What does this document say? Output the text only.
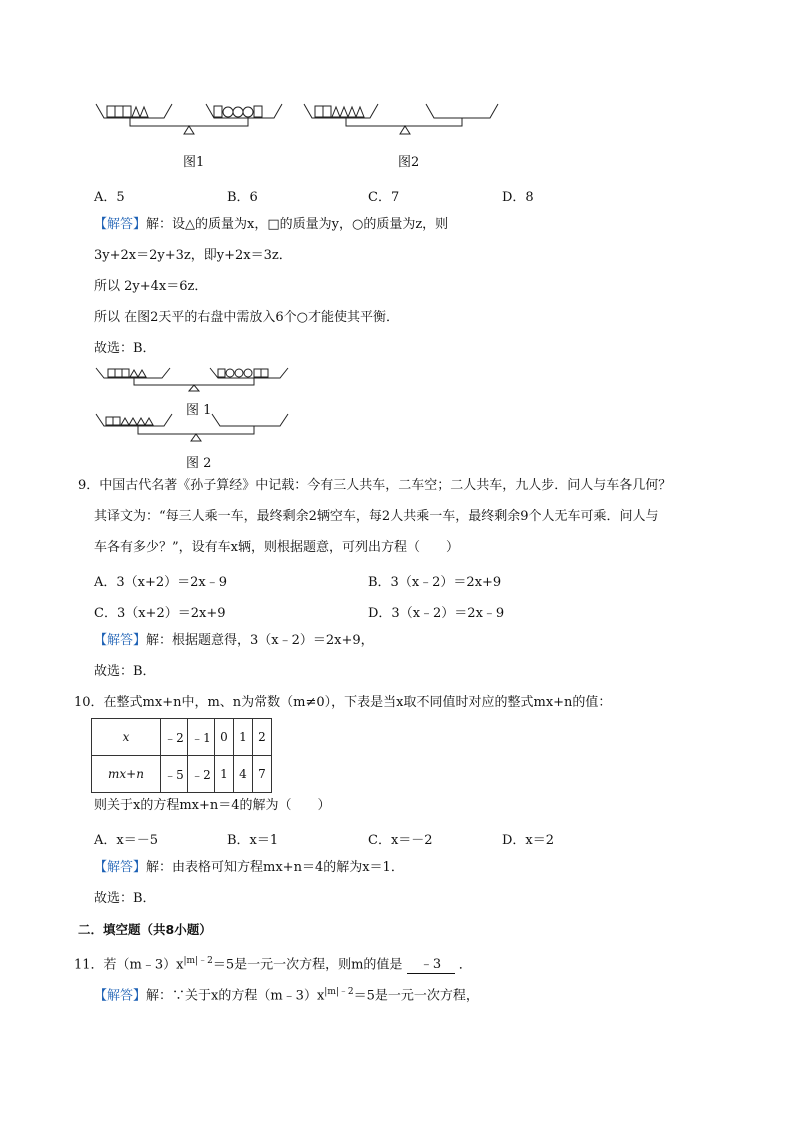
图1	图2
A．5	B．6	C．7	D．8
【解答】解：设△的质量为x，□的质量为y，○的质量为z，则
3y+2x＝2y+3z，即y+2x＝3z．
所以 2y+4x＝6z．
所以 在图2天平的右盘中需放入6个○才能使其平衡．
故选：B．
图 1
图 2
9．中国古代名著《孙子算经》中记载：今有三人共车，二车空；二人共车，九人步．问人与车各几何？
其译文为：“每三人乘一车，最终剩余2辆空车，每2人共乘一车，最终剩余9个人无车可乘．问人与
车各有多少？”，设有车x辆，则根据题意，可列出方程（　　）
A．3（x+2）＝2x﹣9	B．3（x﹣2）＝2x+9
C．3（x+2）＝2x+9	D．3（x﹣2）＝2x﹣9
【解答】解：根据题意得，3（x﹣2）＝2x+9，
故选：B．
10．在整式mx+n中，m、n为常数（m≠0），下表是当x取不同值时对应的整式mx+n的值：
x	﹣2	﹣1	0	1	2
mx+n	﹣5	﹣2	1	4	7
则关于x的方程mx+n＝4的解为（　　）
A．x＝－5	B．x＝1	C．x＝－2	D．x＝2
【解答】解：由表格可知方程mx+n＝4的解为x＝1．
故选：B．
二．填空题（共8小题）
11．若$(m﹣3)x^{|m|﹣2}=5$是一元一次方程，则m的值是 ﹣3 ．
【解答】解：∵关于x的方程$(m﹣3)x^{|m|﹣2}=5$是一元一次方程，
